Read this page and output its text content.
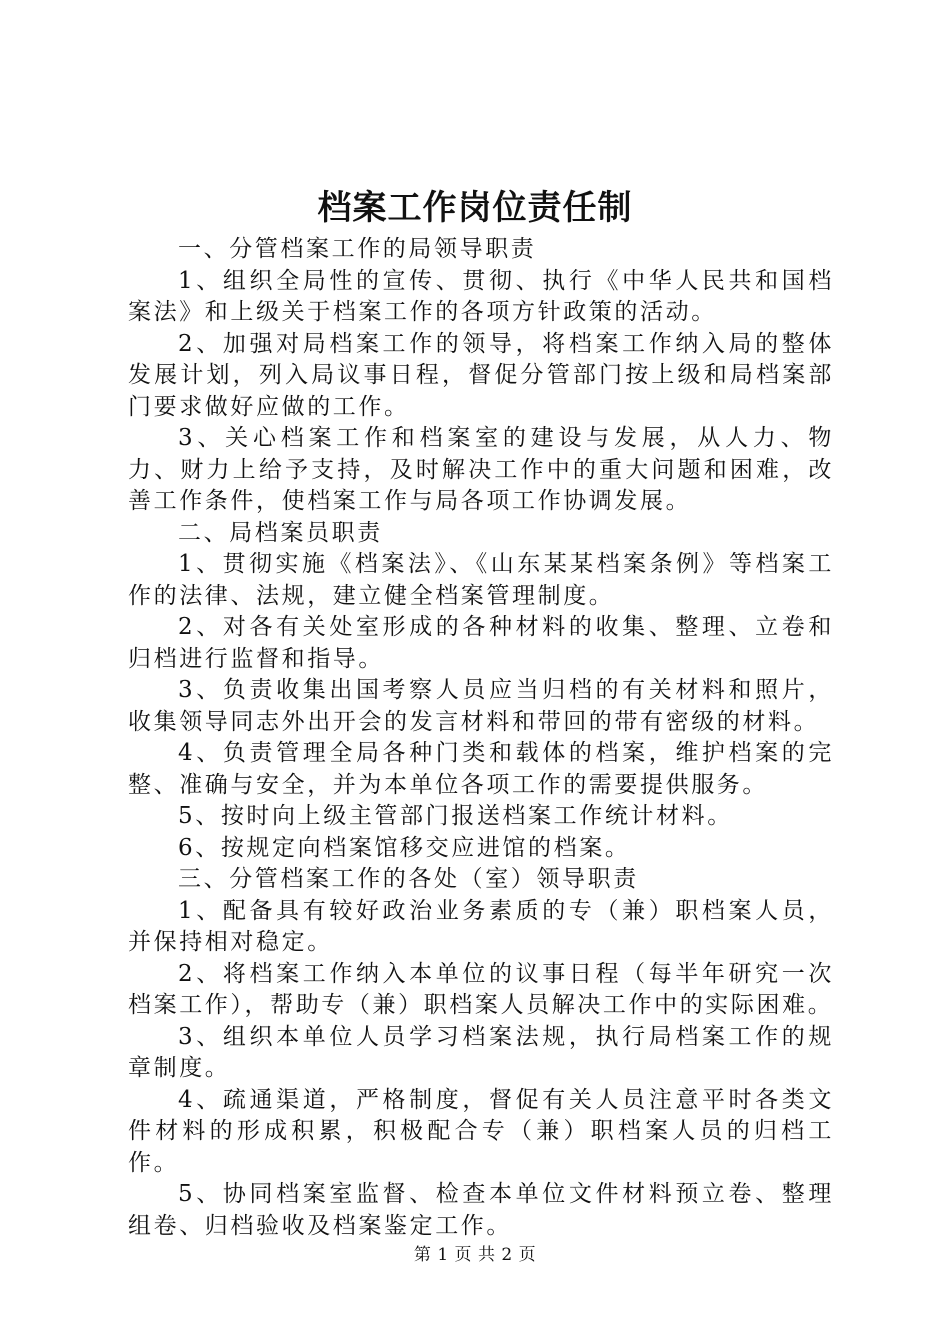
档案工作岗位责任制

一、分管档案工作的局领导职责

1、组织全局性的宣传、贯彻、执行《中华人民共和国档案法》和上级关于档案工作的各项方针政策的活动。

2、加强对局档案工作的领导，将档案工作纳入局的整体发展计划，列入局议事日程，督促分管部门按上级和局档案部门要求做好应做的工作。

3、关心档案工作和档案室的建设与发展，从人力、物力、财力上给予支持，及时解决工作中的重大问题和困难，改善工作条件，使档案工作与局各项工作协调发展。

二、局档案员职责

1、贯彻实施《档案法》、《山东某某档案条例》等档案工作的法律、法规，建立健全档案管理制度。

2、对各有关处室形成的各种材料的收集、整理、立卷和归档进行监督和指导。

3、负责收集出国考察人员应当归档的有关材料和照片，收集领导同志外出开会的发言材料和带回的带有密级的材料。

4、负责管理全局各种门类和载体的档案，维护档案的完整、准确与安全，并为本单位各项工作的需要提供服务。

5、按时向上级主管部门报送档案工作统计材料。

6、按规定向档案馆移交应进馆的档案。

三、分管档案工作的各处（室）领导职责

1、配备具有较好政治业务素质的专（兼）职档案人员，并保持相对稳定。

2、将档案工作纳入本单位的议事日程（每半年研究一次档案工作），帮助专（兼）职档案人员解决工作中的实际困难。

3、组织本单位人员学习档案法规，执行局档案工作的规章制度。

4、疏通渠道，严格制度，督促有关人员注意平时各类文件材料的形成积累，积极配合专（兼）职档案人员的归档工作。

5、协同档案室监督、检查本单位文件材料预立卷、整理组卷、归档验收及档案鉴定工作。

第 1 页 共 2 页
